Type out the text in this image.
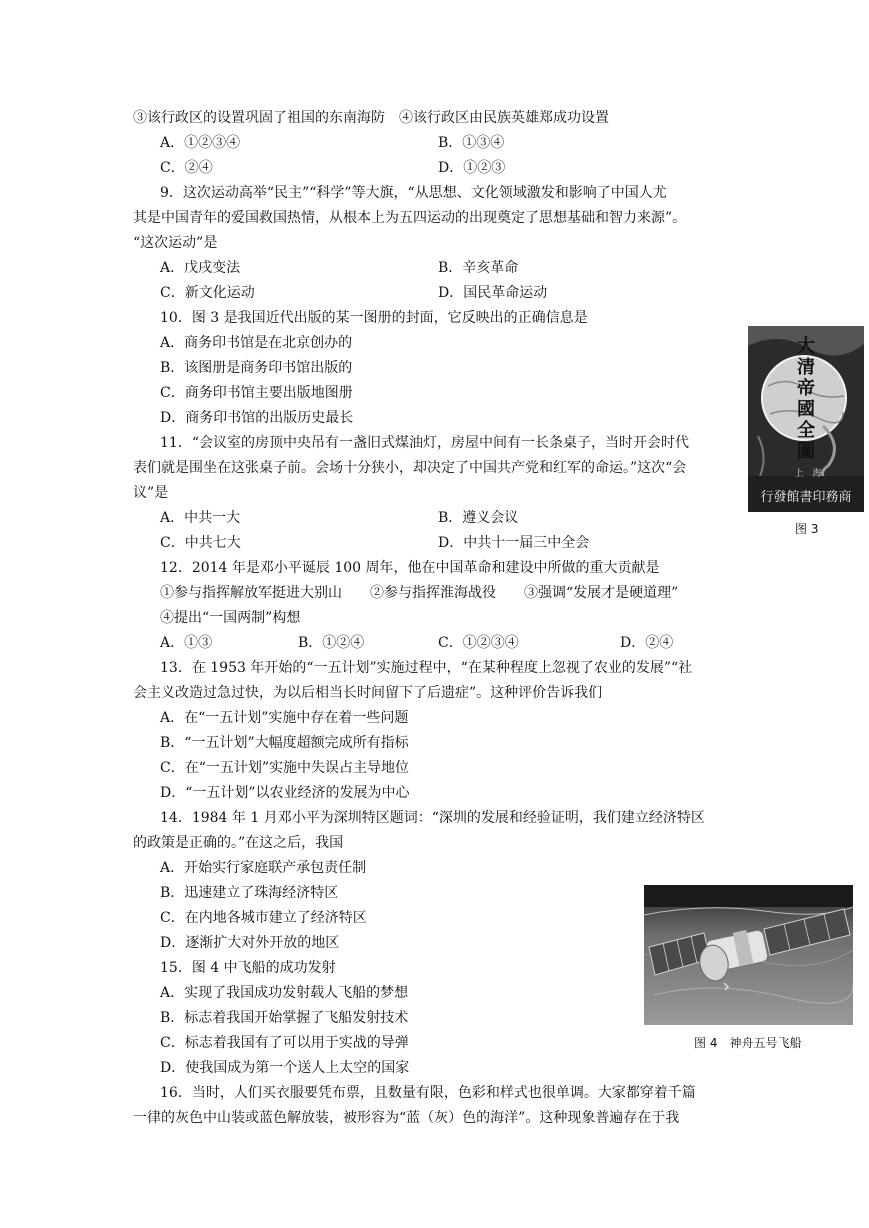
③该行政区的设置巩固了祖国的东南海防　④该行政区由民族英雄郑成功设置
A．①②③④	B．①③④
C．②④	D．①②③
9．这次运动高举“民主”“科学”等大旗，“从思想、文化领域激发和影响了中国人尤
其是中国青年的爱国救国热情，从根本上为五四运动的出现奠定了思想基础和智力来源”。
“这次运动”是
A．戊戌变法	B．辛亥革命
C．新文化运动	D．国民革命运动
10．图 3 是我国近代出版的某一图册的封面，它反映出的正确信息是
A．商务印书馆是在北京创办的
B．该图册是商务印书馆出版的
C．商务印书馆主要出版地图册
D．商务印书馆的出版历史最长
大清帝國全圖
上　海
行發館書印務商
图 3
11．“会议室的房顶中央吊有一盏旧式煤油灯，房屋中间有一长条桌子，当时开会时代
表们就是围坐在这张桌子前。会场十分狭小，却决定了中国共产党和红军的命运。”这次“会
议”是
A．中共一大	B．遵义会议
C．中共七大	D．中共十一届三中全会
12．2014 年是邓小平诞辰 100 周年，他在中国革命和建设中所做的重大贡献是
①参与指挥解放军挺进大别山　　②参与指挥淮海战役　　③强调“发展才是硬道理”
④提出“一国两制”构想
A．①③	B．①②④	C．①②③④	D．②④
13．在 1953 年开始的“一五计划”实施过程中，“在某种程度上忽视了农业的发展”“社
会主义改造过急过快，为以后相当长时间留下了后遗症”。这种评价告诉我们
A．在“一五计划”实施中存在着一些问题
B．“一五计划”大幅度超额完成所有指标
C．在“一五计划”实施中失误占主导地位
D．“一五计划”以农业经济的发展为中心
14．1984 年 1 月邓小平为深圳特区题词：“深圳的发展和经验证明，我们建立经济特区
的政策是正确的。”在这之后，我国
A．开始实行家庭联产承包责任制
B．迅速建立了珠海经济特区
C．在内地各城市建立了经济特区
D．逐渐扩大对外开放的地区
15．图 4 中飞船的成功发射
A．实现了我国成功发射载人飞船的梦想
B．标志着我国开始掌握了飞船发射技术
C．标志着我国有了可以用于实战的导弹
D．使我国成为第一个送人上太空的国家
图 4　神舟五号飞船
16．当时，人们买衣服要凭布票，且数量有限，色彩和样式也很单调。大家都穿着千篇
一律的灰色中山装或蓝色解放装，被形容为“蓝（灰）色的海洋”。这种现象普遍存在于我
